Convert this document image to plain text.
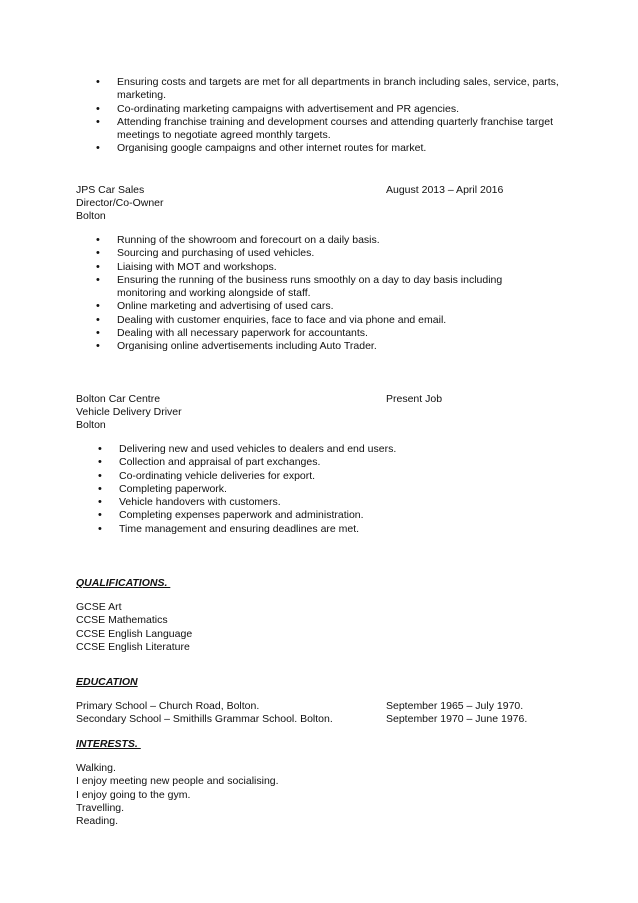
• Ensuring costs and targets are met for all departments in branch including sales, service, parts, marketing.
• Co-ordinating marketing campaigns with advertisement and PR agencies.
• Attending franchise training and development courses and attending quarterly franchise target meetings to negotiate agreed monthly targets.
• Organising google campaigns and other internet routes for market.
JPS Car Sales	August 2013 – April 2016
Director/Co-Owner
Bolton
• Running of the showroom and forecourt on a daily basis.
• Sourcing and purchasing of used vehicles.
• Liaising with MOT and workshops.
• Ensuring the running of the business runs smoothly on a day to day basis including monitoring and working alongside of staff.
• Online marketing and advertising of used cars.
• Dealing with customer enquiries, face to face and via phone and email.
• Dealing with all necessary paperwork for accountants.
• Organising online advertisements including Auto Trader.
Bolton Car Centre	Present Job
Vehicle Delivery Driver
Bolton
• Delivering new and used vehicles to dealers and end users.
• Collection and appraisal of part exchanges.
• Co-ordinating vehicle deliveries for export.
• Completing paperwork.
• Vehicle handovers with customers.
• Completing expenses paperwork and administration.
• Time management and ensuring deadlines are met.
QUALIFICATIONS.
GCSE Art
CCSE Mathematics
CCSE English Language
CCSE English Literature
EDUCATION
Primary School – Church Road, Bolton.	September 1965 – July 1970.
Secondary School – Smithills Grammar School. Bolton.	September 1970 – June 1976.
INTERESTS.
Walking.
I enjoy meeting new people and socialising.
I enjoy going to the gym.
Travelling.
Reading.
